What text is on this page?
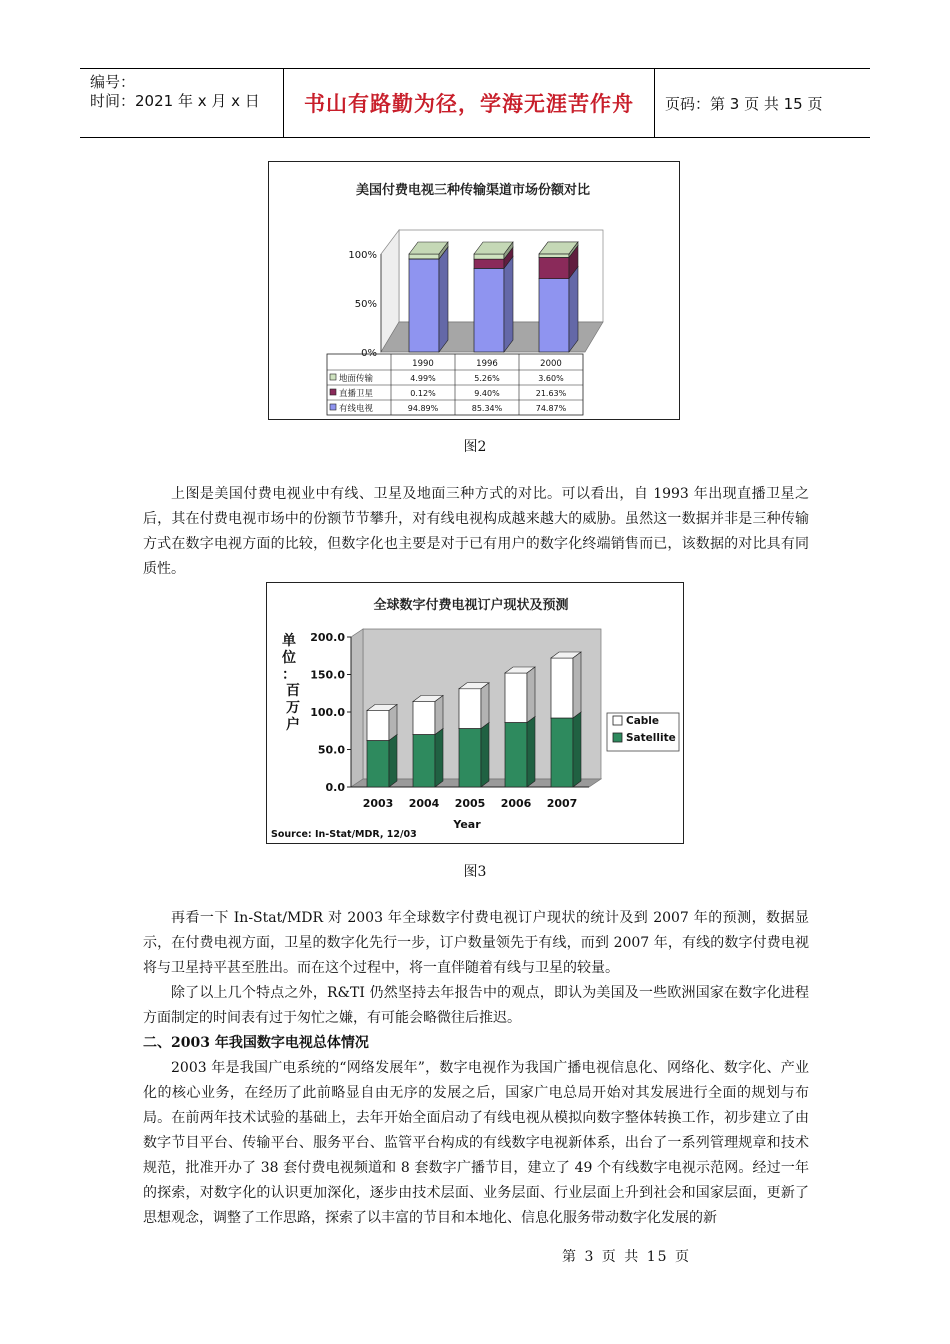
编号：
时间：2021 年 x 月 x 日	书山有路勤为径，学海无涯苦作舟	页码：第 3 页 共 15 页
美国付费电视三种传输渠道市场份额对比
100%
50%
0%
1990	1996	2000
地面传输	4.99%	5.26%	3.60%
直播卫星	0.12%	9.40%	21.63%
有线电视	94.89%	85.34%	74.87%
图2

上图是美国付费电视业中有线、卫星及地面三种方式的对比。可以看出，自 1993 年出现直播卫星之后，其在付费电视市场中的份额节节攀升，对有线电视构成越来越大的威胁。虽然这一数据并非是三种传输方式在数字电视方面的比较，但数字化也主要是对于已有用户的数字化终端销售而已，该数据的对比具有同质性。

全球数字付费电视订户现状及预测
单
位
：
百
万
户
200.0
150.0
100.0
50.0
0.0
2003 2004 2005 2006 2007
Year
Cable
Satellite
Source: In-Stat/MDR, 12/03
图3

再看一下 In-Stat/MDR 对 2003 年全球数字付费电视订户现状的统计及到 2007 年的预测，数据显示，在付费电视方面，卫星的数字化先行一步，订户数量领先于有线，而到 2007 年，有线的数字付费电视将与卫星持平甚至胜出。而在这个过程中，将一直伴随着有线与卫星的较量。

除了以上几个特点之外，R&TI 仍然坚持去年报告中的观点，即认为美国及一些欧洲国家在数字化进程方面制定的时间表有过于匆忙之嫌，有可能会略微往后推迟。

二、2003 年我国数字电视总体情况

2003 年是我国广电系统的“网络发展年”，数字电视作为我国广播电视信息化、网络化、数字化、产业化的核心业务，在经历了此前略显自由无序的发展之后，国家广电总局开始对其发展进行全面的规划与布局。在前两年技术试验的基础上，去年开始全面启动了有线电视从模拟向数字整体转换工作，初步建立了由数字节目平台、传输平台、服务平台、监管平台构成的有线数字电视新体系，出台了一系列管理规章和技术规范，批准开办了 38 套付费电视频道和 8 套数字广播节目，建立了 49 个有线数字电视示范网。经过一年的探索，对数字化的认识更加深化，逐步由技术层面、业务层面、行业层面上升到社会和国家层面，更新了思想观念，调整了工作思路，探索了以丰富的节目和本地化、信息化服务带动数字化发展的新

第 3 页 共 15 页
